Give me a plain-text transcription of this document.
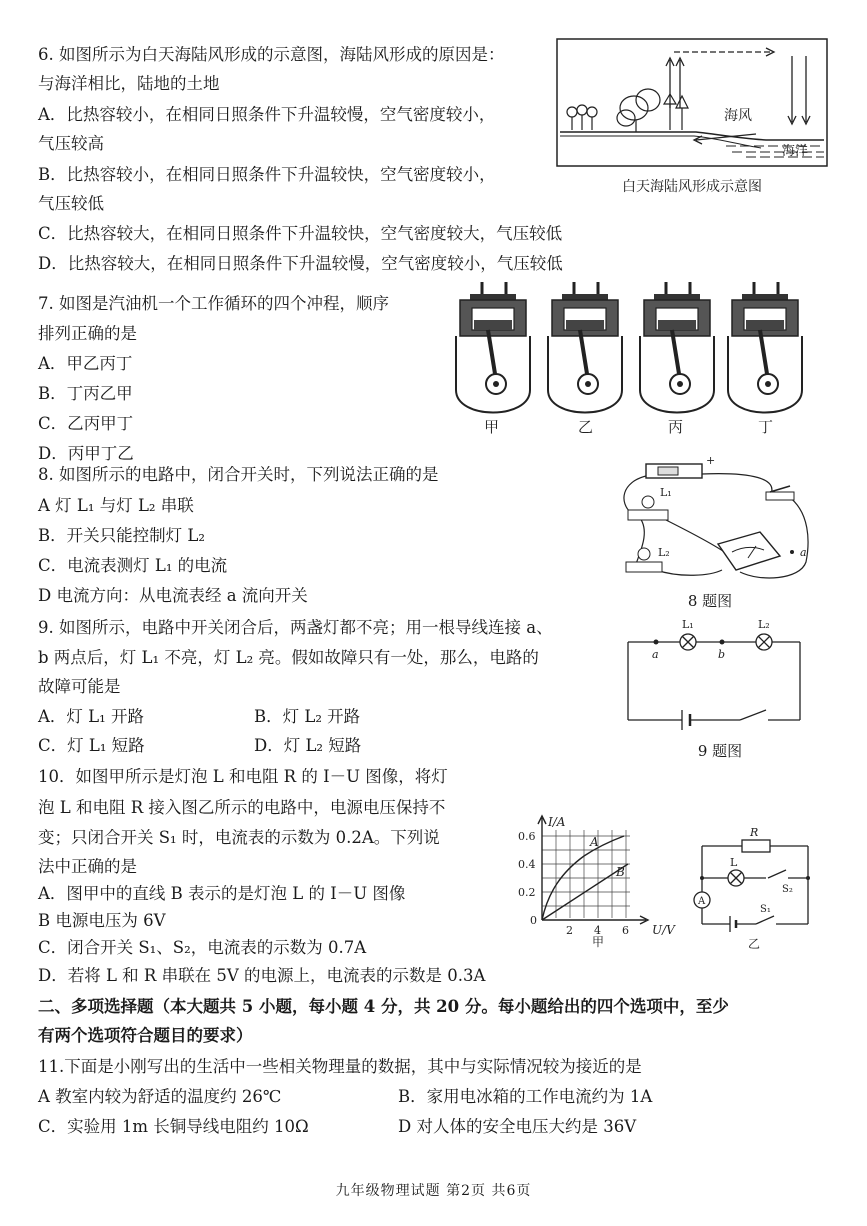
6. 如图所示为白天海陆风形成的示意图，海陆风形成的原因是：
与海洋相比，陆地的土地
A．比热容较小，在相同日照条件下升温较慢，空气密度较小，
气压较高
B．比热容较小，在相同日照条件下升温较快，空气密度较小，
气压较低
C．比热容较大，在相同日照条件下升温较快，空气密度较大，气压较低
D．比热容较大，在相同日照条件下升温较慢，空气密度较小，气压较低
海风
海洋
白天海陆风形成示意图
7. 如图是汽油机一个工作循环的四个冲程，顺序
排列正确的是
A．甲乙丙丁
B．丁丙乙甲
C．乙丙甲丁
D．丙甲丁乙
甲	乙	丙	丁
8. 如图所示的电路中，闭合开关时，下列说法正确的是
A 灯 L₁ 与灯 L₂ 串联
B．开关只能控制灯 L₂
C．电流表测灯 L₁ 的电流
D 电流方向：从电流表经 a 流向开关
+
L₁
L₂	a
8 题图
9. 如图所示，电路中开关闭合后，两盏灯都不亮；用一根导线连接 a、
b 两点后，灯 L₁ 不亮，灯 L₂ 亮。假如故障只有一处，那么，电路的
故障可能是
A．灯 L₁ 开路	B．灯 L₂ 开路
C．灯 L₁ 短路	D．灯 L₂ 短路
L₁	L₂
a	b
9 题图
10．如图甲所示是灯泡 L 和电阻 R 的 I－U 图像，将灯
泡 L 和电阻 R 接入图乙所示的电路中，电源电压保持不
变；只闭合开关 S₁ 时，电流表的示数为 0.2A。下列说
法中正确的是
A．图甲中的直线 B 表示的是灯泡 L 的 I－U 图像
B 电源电压为 6V
C．闭合开关 S₁、S₂，电流表的示数为 0.7A
D．若将 L 和 R 串联在 5V 的电源上，电流表的示数是 0.3A
I/A
U/V
0.6
0.4
0.2
0
2 4 6
A
B
甲
A
L
R
S₂
S₁
乙
二、多项选择题（本大题共 5 小题，每小题 4 分，共 20 分。每小题给出的四个选项中，至少
有两个选项符合题目的要求）
11.下面是小刚写出的生活中一些相关物理量的数据，其中与实际情况较为接近的是
A 教室内较为舒适的温度约 26℃	B．家用电冰箱的工作电流约为 1A
C．实验用 1m 长铜导线电阻约 10Ω	D 对人体的安全电压大约是 36V
九年级物理试题 第2页 共6页
